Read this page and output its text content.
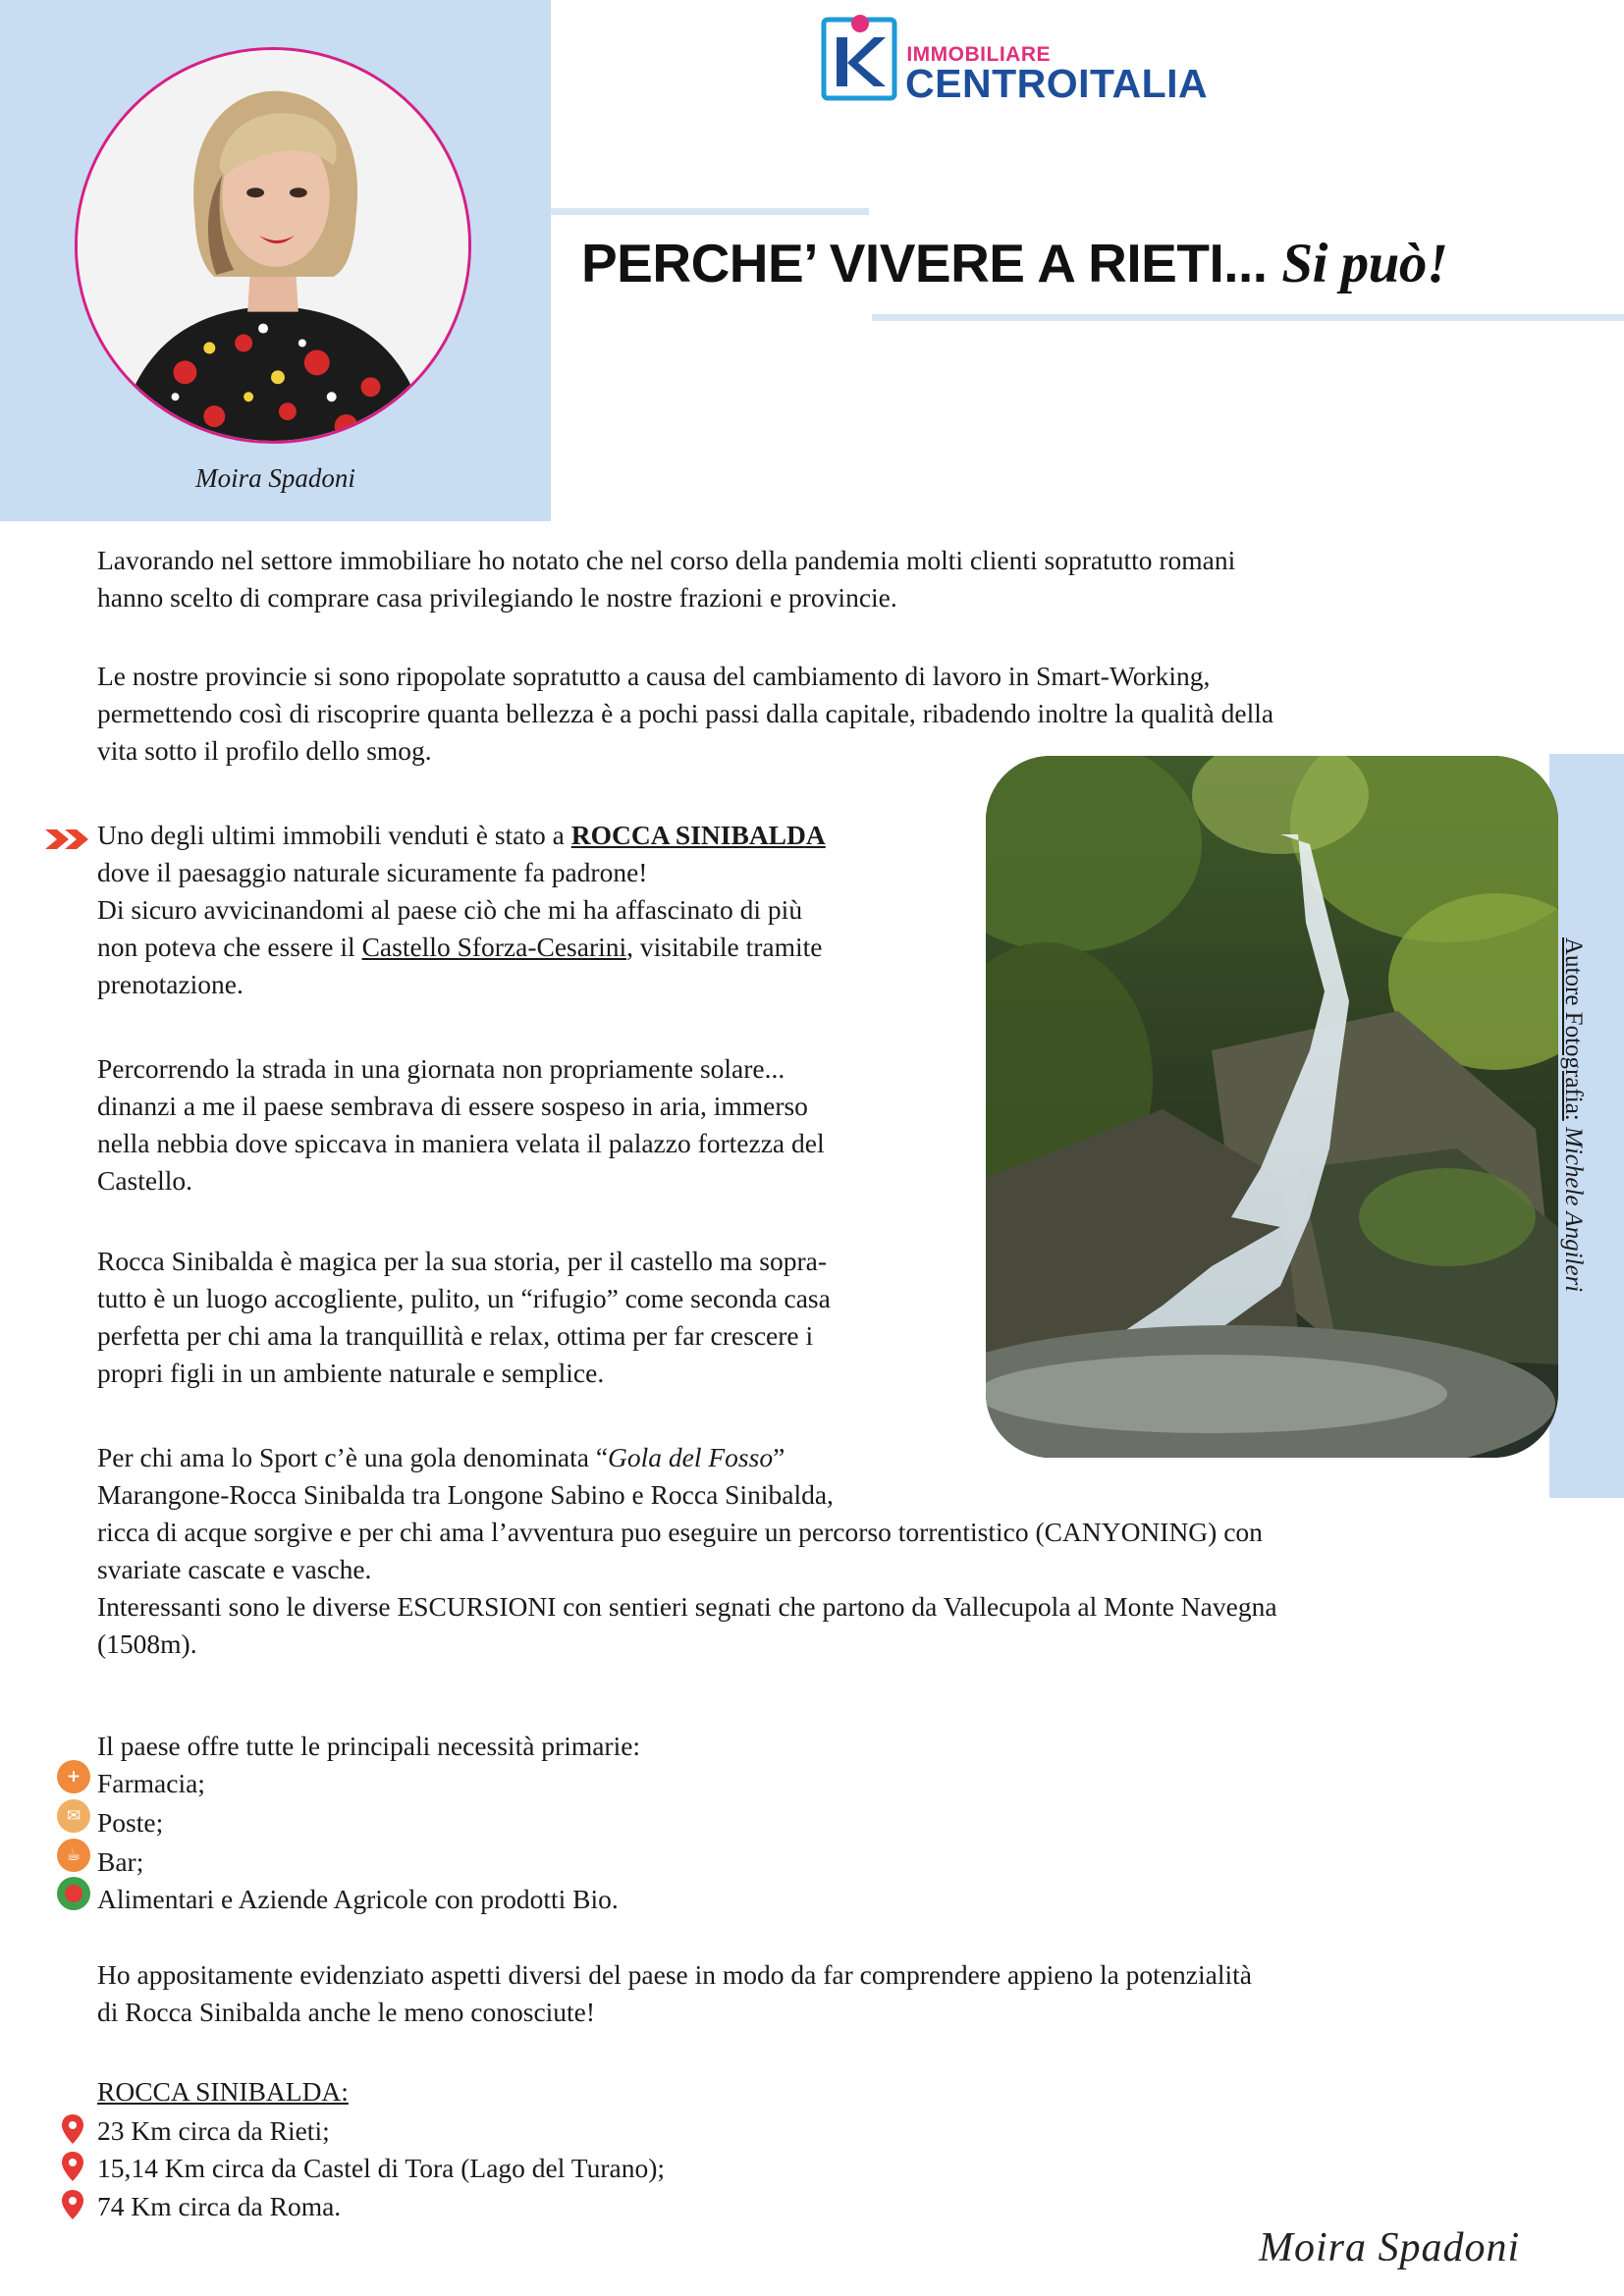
Moira Spadoni
IMMOBILIARE
CENTROITALIA
PERCHE’ VIVERE A RIETI... Si può!
Lavorando nel settore immobiliare ho notato che nel corso della pandemia molti clienti sopratutto romani
hanno scelto di comprare casa privilegiando le nostre frazioni e provincie.
Le nostre provincie si sono ripopolate sopratutto a causa del cambiamento di lavoro in Smart-Working,
permettendo così di riscoprire quanta bellezza è a pochi passi dalla capitale, ribadendo inoltre la qualità della
vita sotto il profilo dello smog.
Uno degli ultimi immobili venduti è stato a ROCCA SINIBALDA
dove il paesaggio naturale sicuramente fa padrone!
Di sicuro avvicinandomi al paese ciò che mi ha affascinato di più
non poteva che essere il Castello Sforza-Cesarini, visitabile tramite
prenotazione.
Percorrendo la strada in una giornata non propriamente solare...
dinanzi a me il paese sembrava di essere sospeso in aria, immerso
nella nebbia dove spiccava in maniera velata il palazzo fortezza del
Castello.
Rocca Sinibalda è magica per la sua storia, per il castello ma sopra-
tutto è un luogo accogliente, pulito, un “rifugio” come seconda casa
perfetta per chi ama la tranquillità e relax, ottima per far crescere i
propri figli in un ambiente naturale e semplice.
Per chi ama lo Sport c’è una gola denominata “Gola del Fosso”
Marangone-Rocca Sinibalda tra Longone Sabino e Rocca Sinibalda,
ricca di acque sorgive e per chi ama l’avventura puo eseguire un percorso torrentistico (CANYONING) con
svariate cascate e vasche.
Interessanti sono le diverse ESCURSIONI con sentieri segnati che partono da Vallecupola al Monte Navegna
(1508m).
Autore Fotografia: Michele Angileri
Il paese offre tutte le principali necessità primarie:
+ Farmacia;
✉ Poste;
☕ Bar;
Alimentari e Aziende Agricole con prodotti Bio.
Ho appositamente evidenziato aspetti diversi del paese in modo da far comprendere appieno la potenzialità
di Rocca Sinibalda anche le meno conosciute!
ROCCA SINIBALDA:
23 Km circa da Rieti;
15,14 Km circa da Castel di Tora (Lago del Turano);
74 Km circa da Roma.
Moira Spadoni
